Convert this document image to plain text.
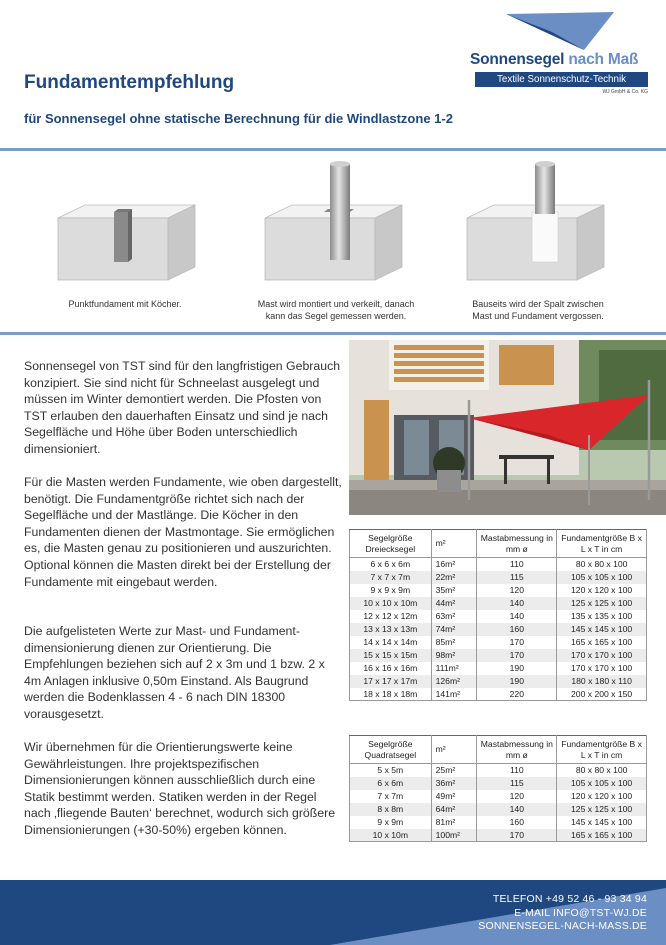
Sonnensegel nach Maß
Textile Sonnenschutz-Technik
WJ GmbH & Co. KG
Fundamentempfehlung
für Sonnensegel ohne statische Berechnung für die Windlastzone 1-2
Punktfundament mit Köcher.	Mast wird montiert und verkeilt, danach
kann das Segel gemessen werden.
Bauseits wird der Spalt zwischen
Mast und Fundament vergossen.

Sonnensegel von TST sind für den langfristigen Gebrauch konzipiert. Sie sind nicht für Schneelast ausgelegt und müssen im Winter demontiert werden. Die Pfosten von TST erlauben den dauerhaften Einsatz und sind je nach Segelfläche und Höhe über Boden unterschiedlich dimensioniert.

Für die Masten werden Fundamente, wie oben dargestellt, benötigt. Die Fundamentgröße richtet sich nach der Segelfläche und der Mastlänge. Die Köcher in den Fundamenten dienen der Mastmontage. Sie ermöglichen es, die Masten genau zu positionieren und auszurichten. Optional können die Masten direkt bei der Erstellung der Fundamente mit eingebaut werden.

Die aufgelisteten Werte zur Mast- und Fundamentdimensionierung dienen zur Orientierung. Die Empfehlungen beziehen sich auf 2 x 3m und 1 bzw. 2 x 4m Anlagen inklusive 0,50m Einstand. Als Baugrund werden die Bodenklassen 4 - 6 nach DIN 18300 vorausgesetzt.

Wir übernehmen für die Orientierungswerte keine Gewährleistungen. Ihre projektspezifischen Dimensionierungen können ausschließlich durch eine Statik bestimmt werden. Statiken werden in der Regel nach ‚fliegende Bauten‘ berechnet, wodurch sich größere Dimensionierungen (+30-50%) ergeben können.

Segelgröße Dreiecksegel	m²	Mastabmessung in mm ø	Fundamentgröße B x L x T in cm
6 x 6 x 6m	16m²	110	80 x 80 x 100
7 x 7 x 7m	22m²	115	105 x 105 x 100
9 x 9 x 9m	35m²	120	120 x 120 x 100
10 x 10 x 10m	44m²	140	125 x 125 x 100
12 x 12 x 12m	63m²	140	135 x 135 x 100
13 x 13 x 13m	74m²	160	145 x 145 x 100
14 x 14 x 14m	85m²	170	165 x 165 x 100
15 x 15 x 15m	98m²	170	170 x 170 x 100
16 x 16 x 16m	111m²	190	170 x 170 x 100
17 x 17 x 17m	126m²	190	180 x 180 x 110
18 x 18 x 18m	141m²	220	200 x 200 x 150
Segelgröße Quadratsegel	m²	Mastabmessung in mm ø	Fundamentgröße B x L x T in cm
5 x 5m	25m²	110	80 x 80 x 100
6 x 6m	36m²	115	105 x 105 x 100
7 x 7m	49m²	120	120 x 120 x 100
8 x 8m	64m²	140	125 x 125 x 100
9 x 9m	81m²	160	145 x 145 x 100
10 x 10m	100m²	170	165 x 165 x 100
TELEFON +49 52 46 - 93 34 94
E-MAIL INFO@TST-WJ.DE
SONNENSEGEL-NACH-MASS.DE
